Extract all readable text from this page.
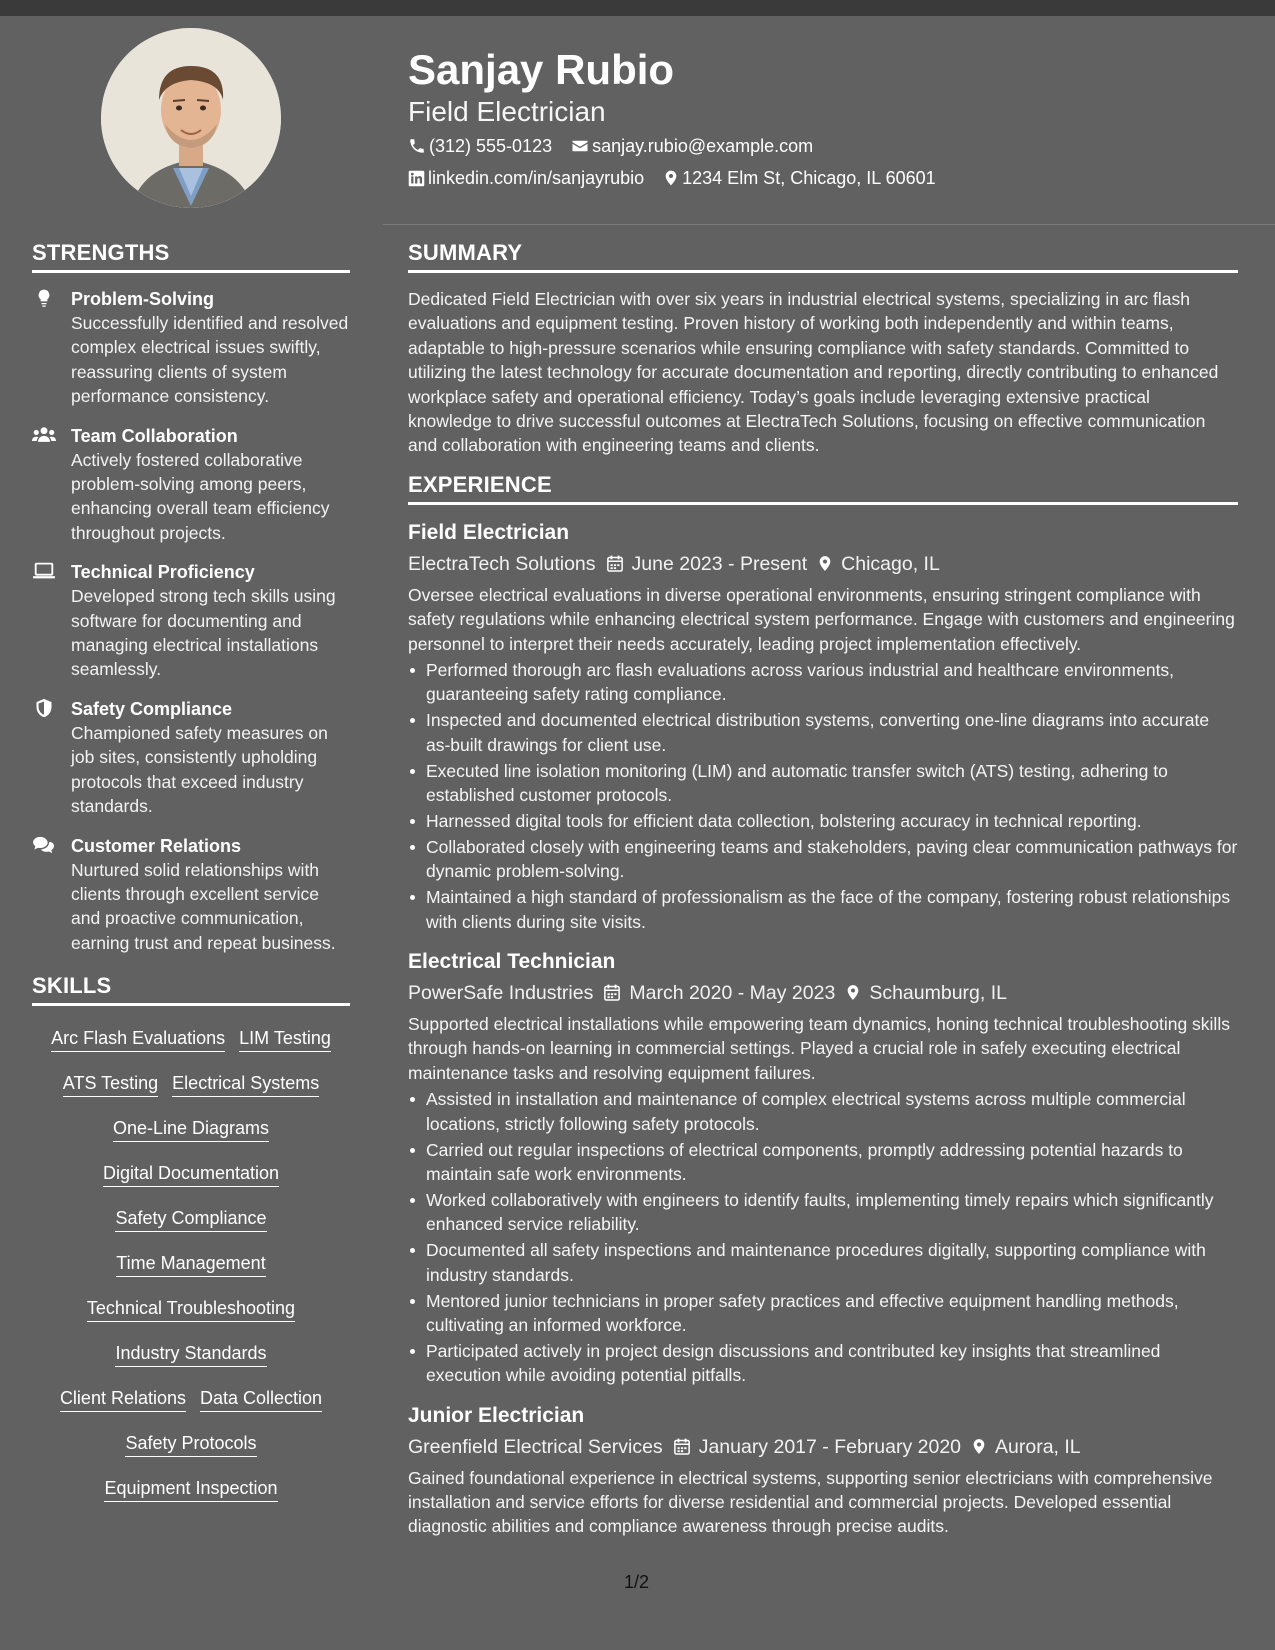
Sanjay Rubio
Field Electrician
(312) 555-0123 sanjay.rubio@example.com
linkedin.com/in/sanjayrubio 1234 Elm St, Chicago, IL 60601
STRENGTHS
Problem-Solving
Successfully identified and resolved complex electrical issues swiftly, reassuring clients of system performance consistency.
Team Collaboration
Actively fostered collaborative problem-solving among peers, enhancing overall team efficiency throughout projects.
Technical Proficiency
Developed strong tech skills using software for documenting and managing electrical installations seamlessly.
Safety Compliance
Championed safety measures on job sites, consistently upholding protocols that exceed industry standards.
Customer Relations
Nurtured solid relationships with clients through excellent service and proactive communication, earning trust and repeat business.
SKILLS
Arc Flash Evaluations LIM Testing
ATS Testing Electrical Systems
One-Line Diagrams
Digital Documentation
Safety Compliance
Time Management
Technical Troubleshooting
Industry Standards
Client Relations Data Collection
Safety Protocols
Equipment Inspection
SUMMARY
Dedicated Field Electrician with over six years in industrial electrical systems, specializing in arc flash evaluations and equipment testing. Proven history of working both independently and within teams, adaptable to high-pressure scenarios while ensuring compliance with safety standards. Committed to utilizing the latest technology for accurate documentation and reporting, directly contributing to enhanced workplace safety and operational efficiency. Today’s goals include leveraging extensive practical knowledge to drive successful outcomes at ElectraTech Solutions, focusing on effective communication and collaboration with engineering teams and clients.
EXPERIENCE
Field Electrician
ElectraTech Solutions June 2023 - Present Chicago, IL
Oversee electrical evaluations in diverse operational environments, ensuring stringent compliance with safety regulations while enhancing electrical system performance. Engage with customers and engineering personnel to interpret their needs accurately, leading project implementation effectively.
Performed thorough arc flash evaluations across various industrial and healthcare environments, guaranteeing safety rating compliance.
Inspected and documented electrical distribution systems, converting one-line diagrams into accurate as-built drawings for client use.
Executed line isolation monitoring (LIM) and automatic transfer switch (ATS) testing, adhering to established customer protocols.
Harnessed digital tools for efficient data collection, bolstering accuracy in technical reporting.
Collaborated closely with engineering teams and stakeholders, paving clear communication pathways for dynamic problem-solving.
Maintained a high standard of professionalism as the face of the company, fostering robust relationships with clients during site visits.
Electrical Technician
PowerSafe Industries March 2020 - May 2023 Schaumburg, IL
Supported electrical installations while empowering team dynamics, honing technical troubleshooting skills through hands-on learning in commercial settings. Played a crucial role in safely executing electrical maintenance tasks and resolving equipment failures.
Assisted in installation and maintenance of complex electrical systems across multiple commercial locations, strictly following safety protocols.
Carried out regular inspections of electrical components, promptly addressing potential hazards to maintain safe work environments.
Worked collaboratively with engineers to identify faults, implementing timely repairs which significantly enhanced service reliability.
Documented all safety inspections and maintenance procedures digitally, supporting compliance with industry standards.
Mentored junior technicians in proper safety practices and effective equipment handling methods, cultivating an informed workforce.
Participated actively in project design discussions and contributed key insights that streamlined execution while avoiding potential pitfalls.
Junior Electrician
Greenfield Electrical Services January 2017 - February 2020 Aurora, IL
Gained foundational experience in electrical systems, supporting senior electricians with comprehensive installation and service efforts for diverse residential and commercial projects. Developed essential diagnostic abilities and compliance awareness through precise audits.
1/2
